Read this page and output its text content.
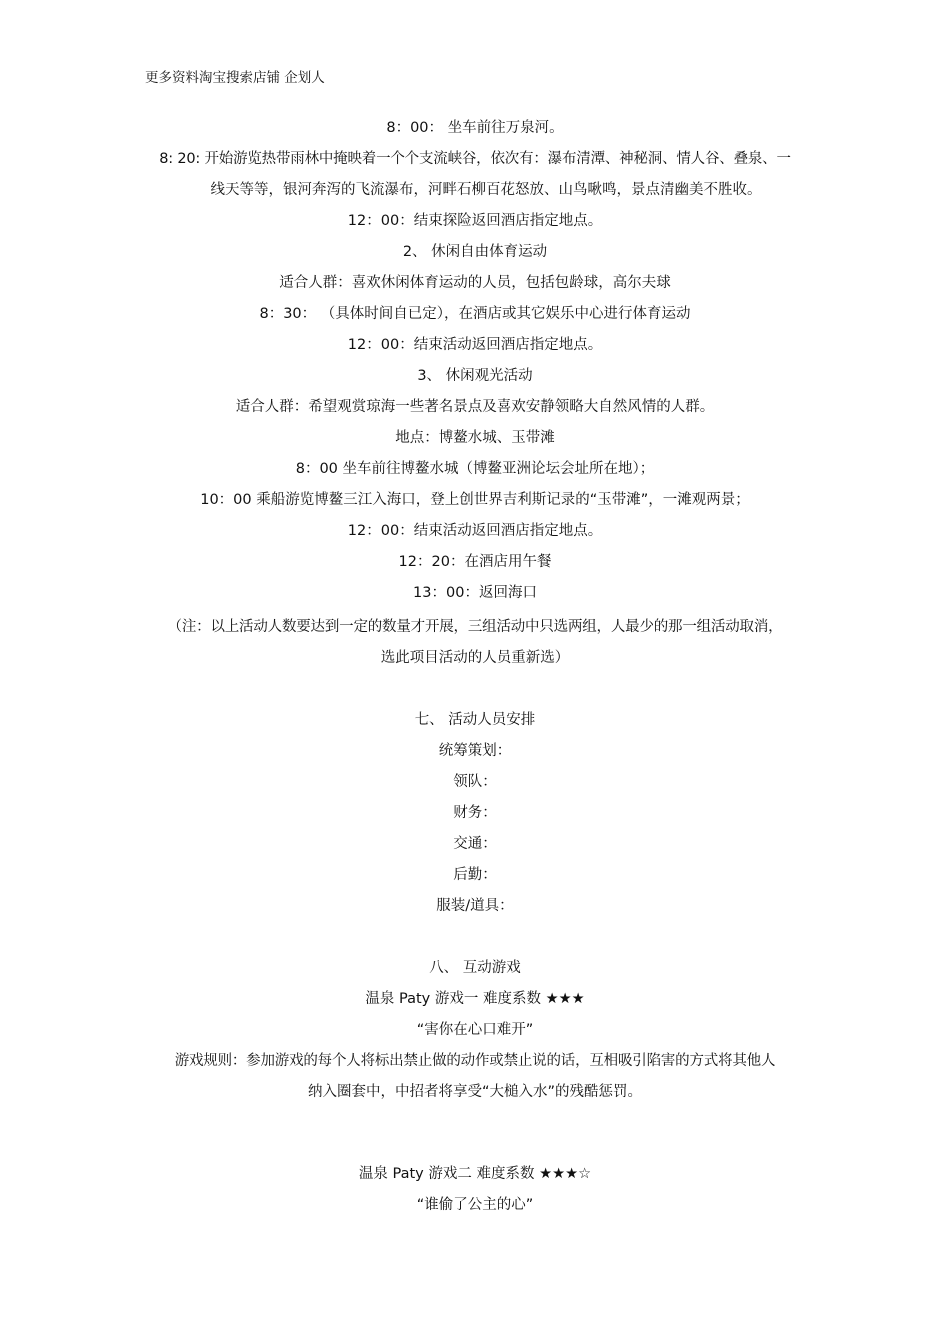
更多资料淘宝搜索店铺 企划人
8：00： 坐车前往万泉河。
8: 20: 开始游览热带雨林中掩映着一个个支流峡谷，依次有：瀑布清潭、神秘洞、情人谷、叠泉、一
线天等等，银河奔泻的飞流瀑布，河畔石柳百花怒放、山鸟啾鸣，景点清幽美不胜收。
12：00：结束探险返回酒店指定地点。
2、 休闲自由体育运动
适合人群：喜欢休闲体育运动的人员，包括包龄球，高尔夫球
8：30： （具体时间自已定），在酒店或其它娱乐中心进行体育运动
12：00：结束活动返回酒店指定地点。
3、 休闲观光活动
适合人群：希望观赏琼海一些著名景点及喜欢安静领略大自然风情的人群。
地点：博鳌水城、玉带滩
8：00 坐车前往博鳌水城（博鳌亚洲论坛会址所在地）；
10：00 乘船游览博鳌三江入海口，登上创世界吉利斯记录的“玉带滩”，一滩观两景；
12：00：结束活动返回酒店指定地点。
12：20：在酒店用午餐
13：00：返回海口
（注：以上活动人数要达到一定的数量才开展，三组活动中只选两组，人最少的那一组活动取消，
选此项目活动的人员重新选）
七、 活动人员安排
统筹策划：
领队：
财务：
交通：
后勤：
服装/道具：
八、 互动游戏
温泉 Paty 游戏一 难度系数 ★★★
“害你在心口难开”
游戏规则：参加游戏的每个人将标出禁止做的动作或禁止说的话，互相吸引陷害的方式将其他人
纳入圈套中，中招者将享受“大槌入水”的残酷惩罚。
温泉 Paty 游戏二 难度系数 ★★★☆
“谁偷了公主的心”
